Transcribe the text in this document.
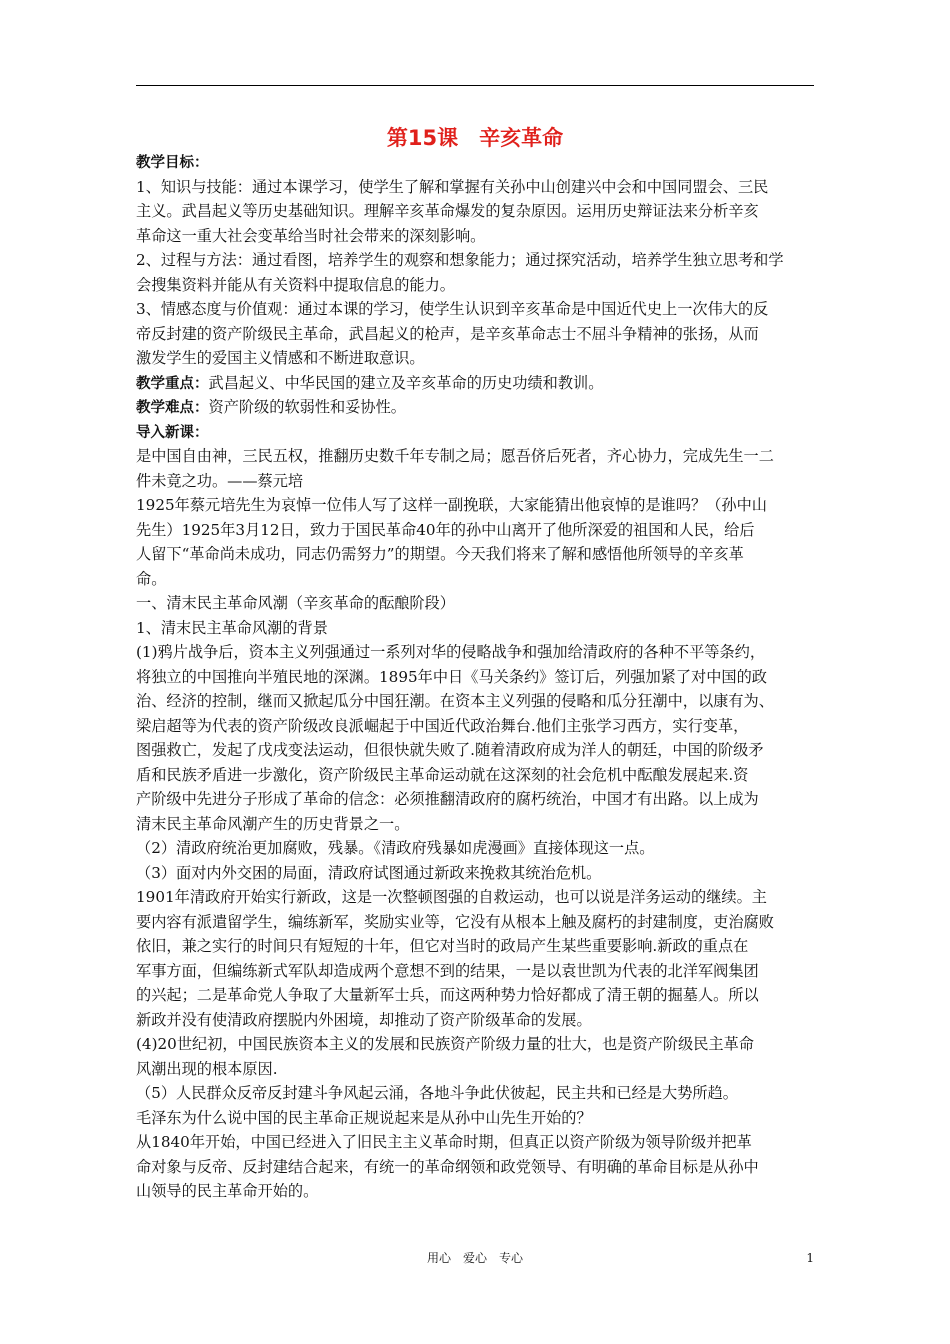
第15课　辛亥革命
教学目标：
1、知识与技能：通过本课学习，使学生了解和掌握有关孙中山创建兴中会和中国同盟会、三民
主义。武昌起义等历史基础知识。理解辛亥革命爆发的复杂原因。运用历史辩证法来分析辛亥
革命这一重大社会变革给当时社会带来的深刻影响。
2、过程与方法：通过看图，培养学生的观察和想象能力；通过探究活动，培养学生独立思考和学
会搜集资料并能从有关资料中提取信息的能力。
3、情感态度与价值观：通过本课的学习，使学生认识到辛亥革命是中国近代史上一次伟大的反
帝反封建的资产阶级民主革命，武昌起义的枪声，是辛亥革命志士不屈斗争精神的张扬，从而
激发学生的爱国主义情感和不断进取意识。
教学重点：武昌起义、中华民国的建立及辛亥革命的历史功绩和教训。
教学难点：资产阶级的软弱性和妥协性。
导入新课：
是中国自由神，三民五权，推翻历史数千年专制之局；愿吾侪后死者，齐心协力，完成先生一二
件未竟之功。——蔡元培
1925年蔡元培先生为哀悼一位伟人写了这样一副挽联，大家能猜出他哀悼的是谁吗？（孙中山
先生）1925年3月12日，致力于国民革命40年的孙中山离开了他所深爱的祖国和人民，给后
人留下“革命尚未成功，同志仍需努力”的期望。今天我们将来了解和感悟他所领导的辛亥革
命。
一、清末民主革命风潮（辛亥革命的酝酿阶段）
1、清末民主革命风潮的背景
(1)鸦片战争后，资本主义列强通过一系列对华的侵略战争和强加给清政府的各种不平等条约，
将独立的中国推向半殖民地的深渊。1895年中日《马关条约》签订后，列强加紧了对中国的政
治、经济的控制，继而又掀起瓜分中国狂潮。在资本主义列强的侵略和瓜分狂潮中，以康有为、
梁启超等为代表的资产阶级改良派崛起于中国近代政治舞台.他们主张学习西方，实行变革，
图强救亡，发起了戊戌变法运动，但很快就失败了.随着清政府成为洋人的朝廷，中国的阶级矛
盾和民族矛盾进一步激化，资产阶级民主革命运动就在这深刻的社会危机中酝酿发展起来.资
产阶级中先进分子形成了革命的信念：必须推翻清政府的腐朽统治，中国才有出路。以上成为
清末民主革命风潮产生的历史背景之一。
（2）清政府统治更加腐败，残暴。《清政府残暴如虎漫画》直接体现这一点。
（3）面对内外交困的局面，清政府试图通过新政来挽救其统治危机。
1901年清政府开始实行新政，这是一次整顿图强的自救运动，也可以说是洋务运动的继续。主
要内容有派遣留学生，编练新军，奖励实业等，它没有从根本上触及腐朽的封建制度，吏治腐败
依旧，兼之实行的时间只有短短的十年，但它对当时的政局产生某些重要影响.新政的重点在
军事方面，但编练新式军队却造成两个意想不到的结果，一是以袁世凯为代表的北洋军阀集团
的兴起；二是革命党人争取了大量新军士兵，而这两种势力恰好都成了清王朝的掘墓人。所以
新政并没有使清政府摆脱内外困境，却推动了资产阶级革命的发展。
(4)20世纪初，中国民族资本主义的发展和民族资产阶级力量的壮大，也是资产阶级民主革命
风潮出现的根本原因.
（5）人民群众反帝反封建斗争风起云涌，各地斗争此伏彼起，民主共和已经是大势所趋。
毛泽东为什么说中国的民主革命正规说起来是从孙中山先生开始的？
从1840年开始，中国已经进入了旧民主主义革命时期，但真正以资产阶级为领导阶级并把革
命对象与反帝、反封建结合起来，有统一的革命纲领和政党领导、有明确的革命目标是从孙中
山领导的民主革命开始的。
用心　爱心　专心	1
